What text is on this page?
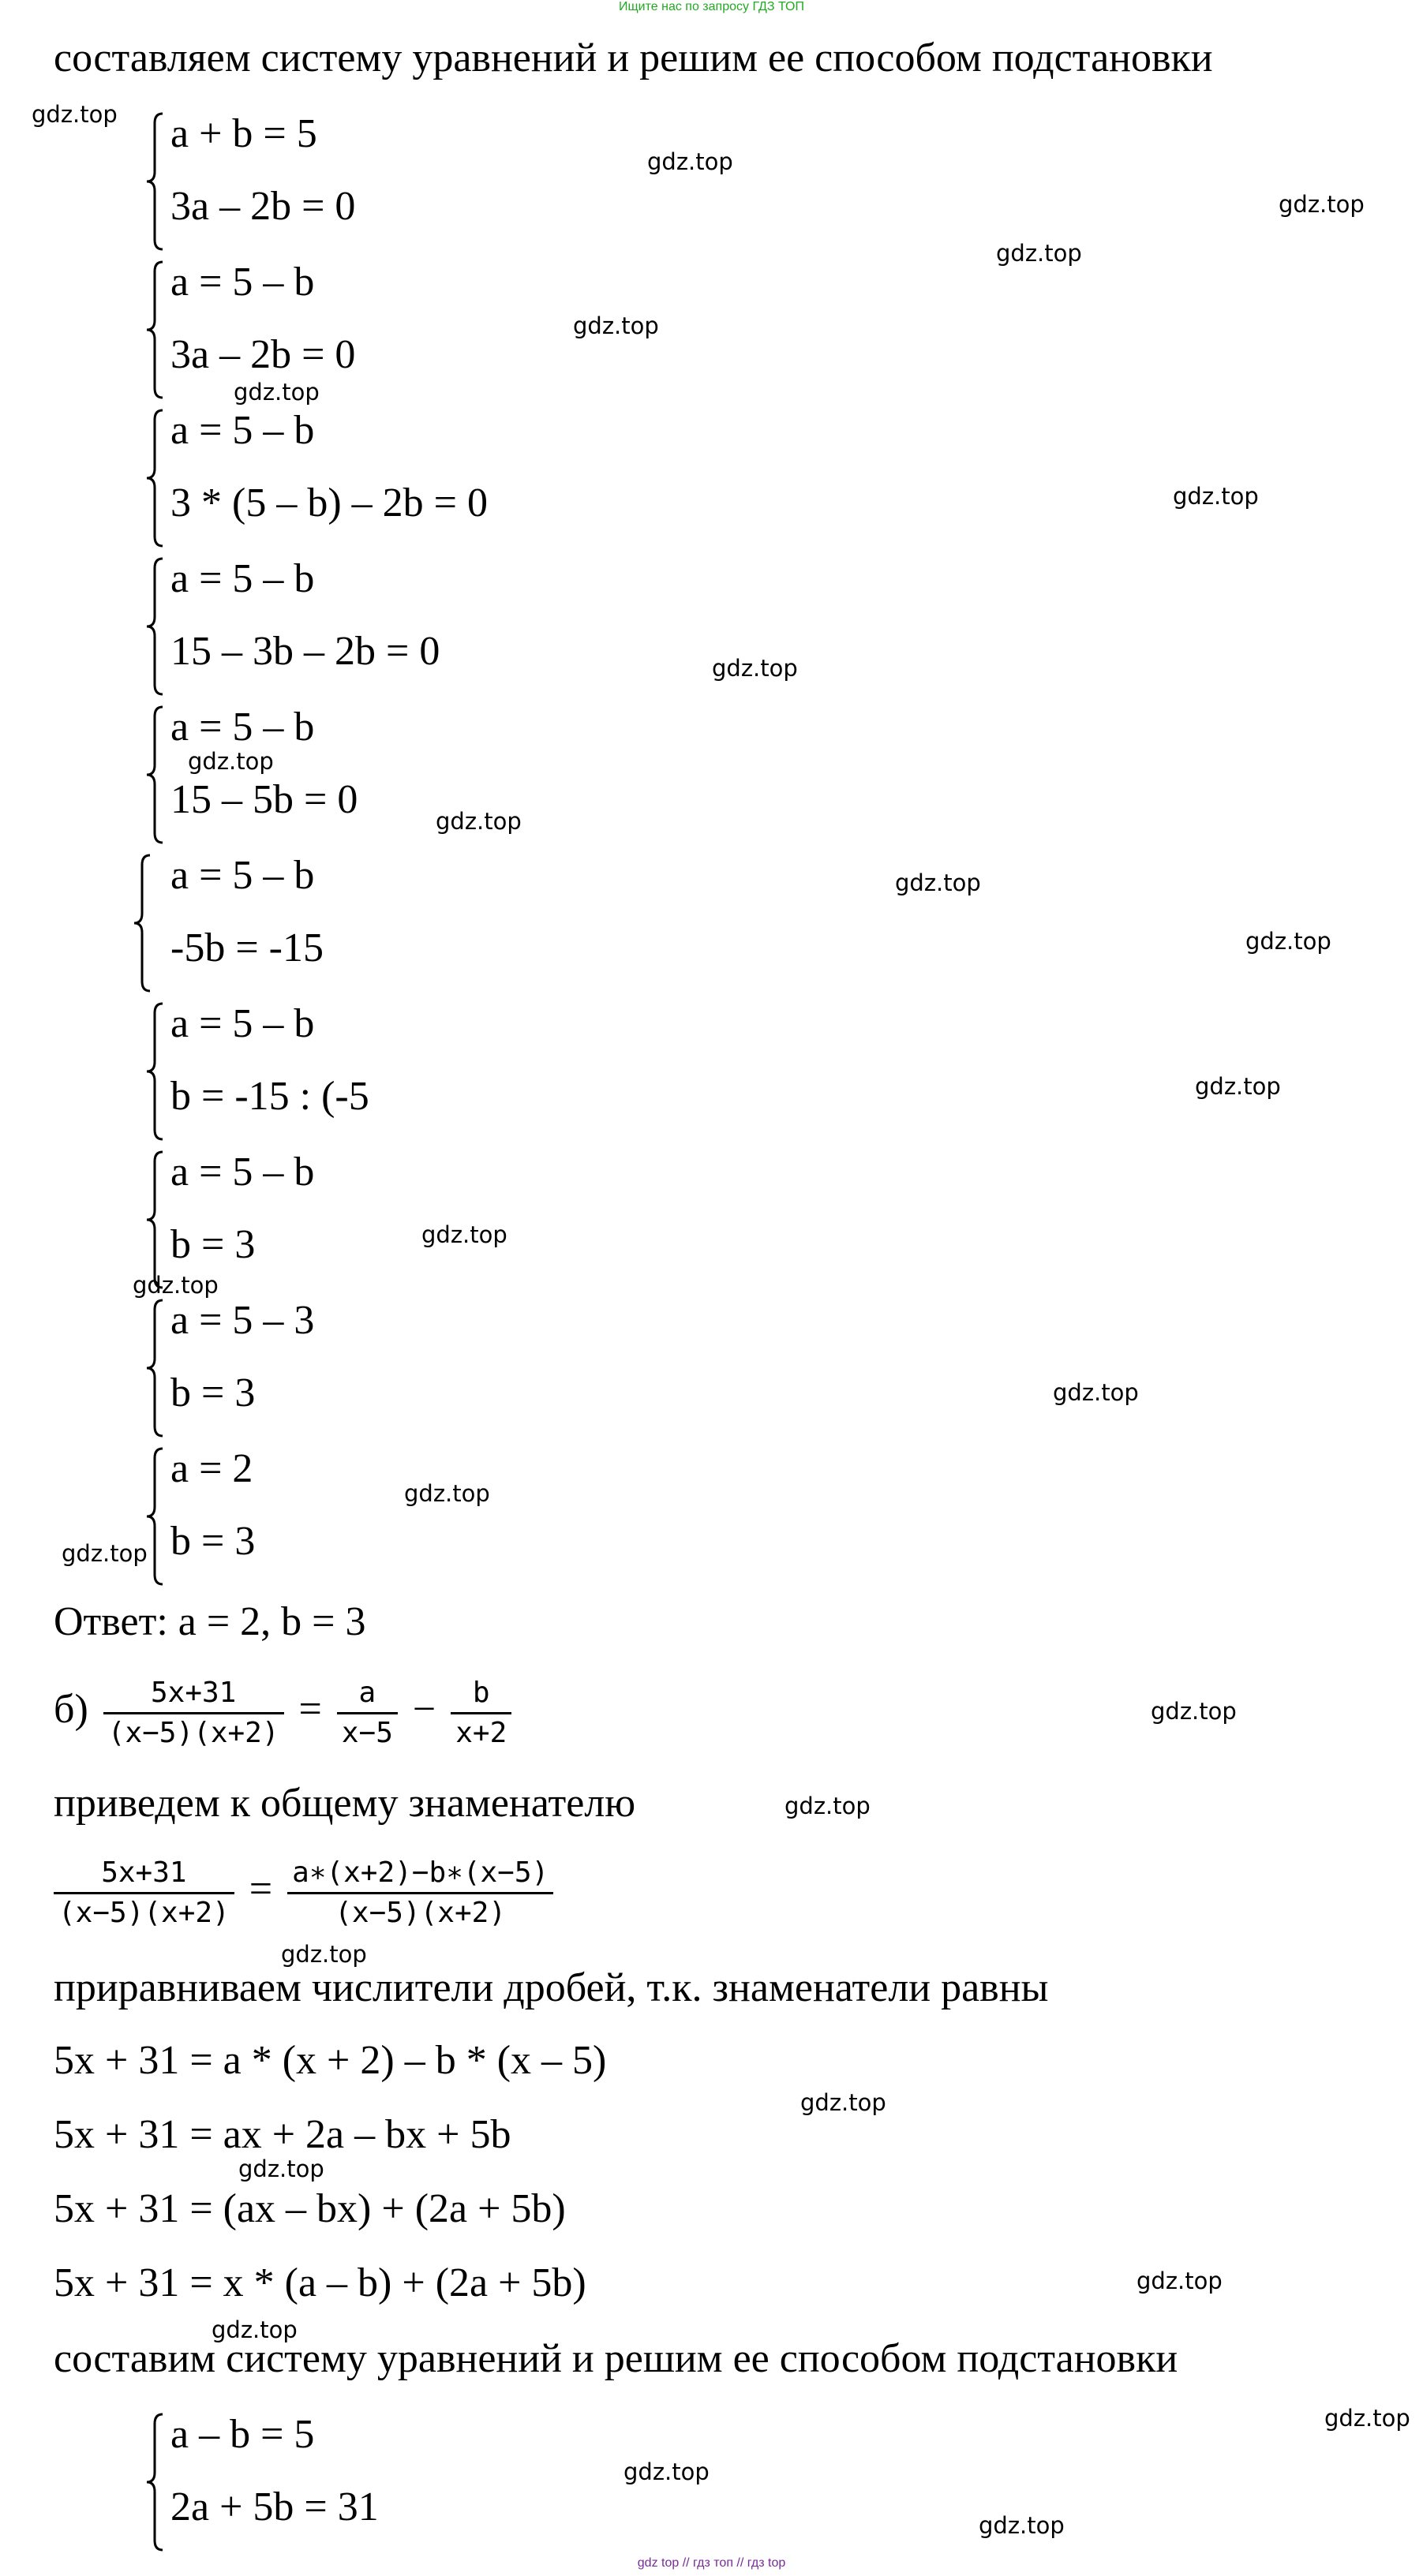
Ищите нас по запросу ГДЗ ТОП
gdz top // гдз топ // гдз top
составляем систему уравнений и решим ее способом подстановки
a + b = 5
3a – 2b = 0
a = 5 – b
3a – 2b = 0
a = 5 – b
3 * (5 – b) – 2b = 0
a = 5 – b
15 – 3b – 2b = 0
a = 5 – b
15 – 5b = 0
a = 5 – b
-5b = -15
a = 5 – b
b = -15 : (-5
a = 5 – b
b = 3
a = 5 – 3
b = 3
a = 2
b = 3
Ответ: a = 2, b = 3
$б) \frac{5x+31}{(x-5)(x+2)} = \frac{a}{x-5} - \frac{b}{x+2}$
приведем к общему знаменателю
$\frac{5x+31}{(x-5)(x+2)} = \frac{a∗(x+2)-b∗(x-5)}{(x-5)(x+2)}$
приравниваем числители дробей, т.к. знаменатели равны
5x + 31 = a * (x + 2) – b * (x – 5)
5x + 31 = ax + 2a – bx + 5b
5x + 31 = (ax – bx) + (2a + 5b)
5x + 31 = x * (a – b) + (2a + 5b)
составим систему уравнений и решим ее способом подстановки
a – b = 5
2a + 5b = 31
gdz.top
gdz.top
gdz.top
gdz.top
gdz.top
gdz.top
gdz.top
gdz.top
gdz.top
gdz.top
gdz.top
gdz.top
gdz.top
gdz.top
gdz.top
gdz.top
gdz.top
gdz.top
gdz.top
gdz.top
gdz.top
gdz.top
gdz.top
gdz.top
gdz.top
gdz.top
gdz.top
gdz.top
